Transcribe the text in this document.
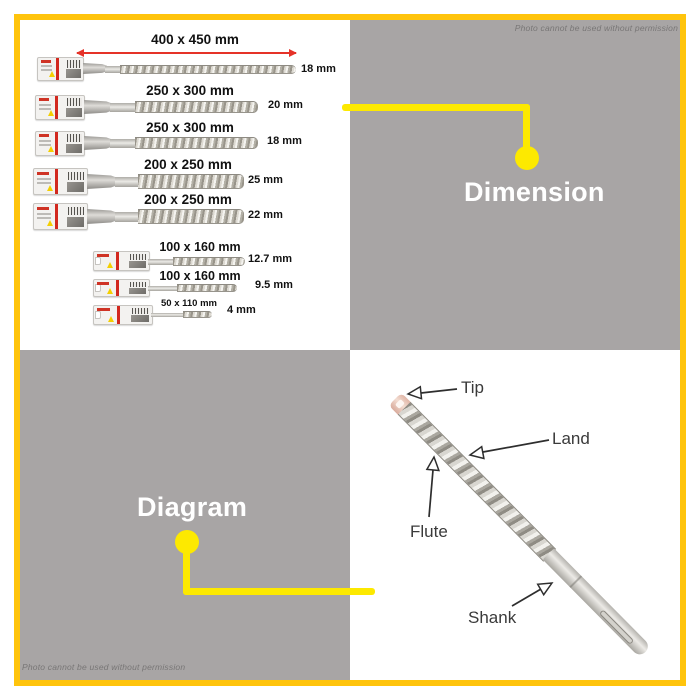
Photo cannot be used without permission
Photo cannot be used without permission
Dimension
Diagram
400 x 450 mm
18 mm
250 x 300 mm
20 mm
250 x 300 mm
18 mm
200 x 250 mm
25 mm
200 x 250 mm
22 mm
100 x 160 mm
12.7 mm
100 x 160 mm
9.5 mm
50 x 110 mm
4 mm
Tip
Land
Flute
Shank
